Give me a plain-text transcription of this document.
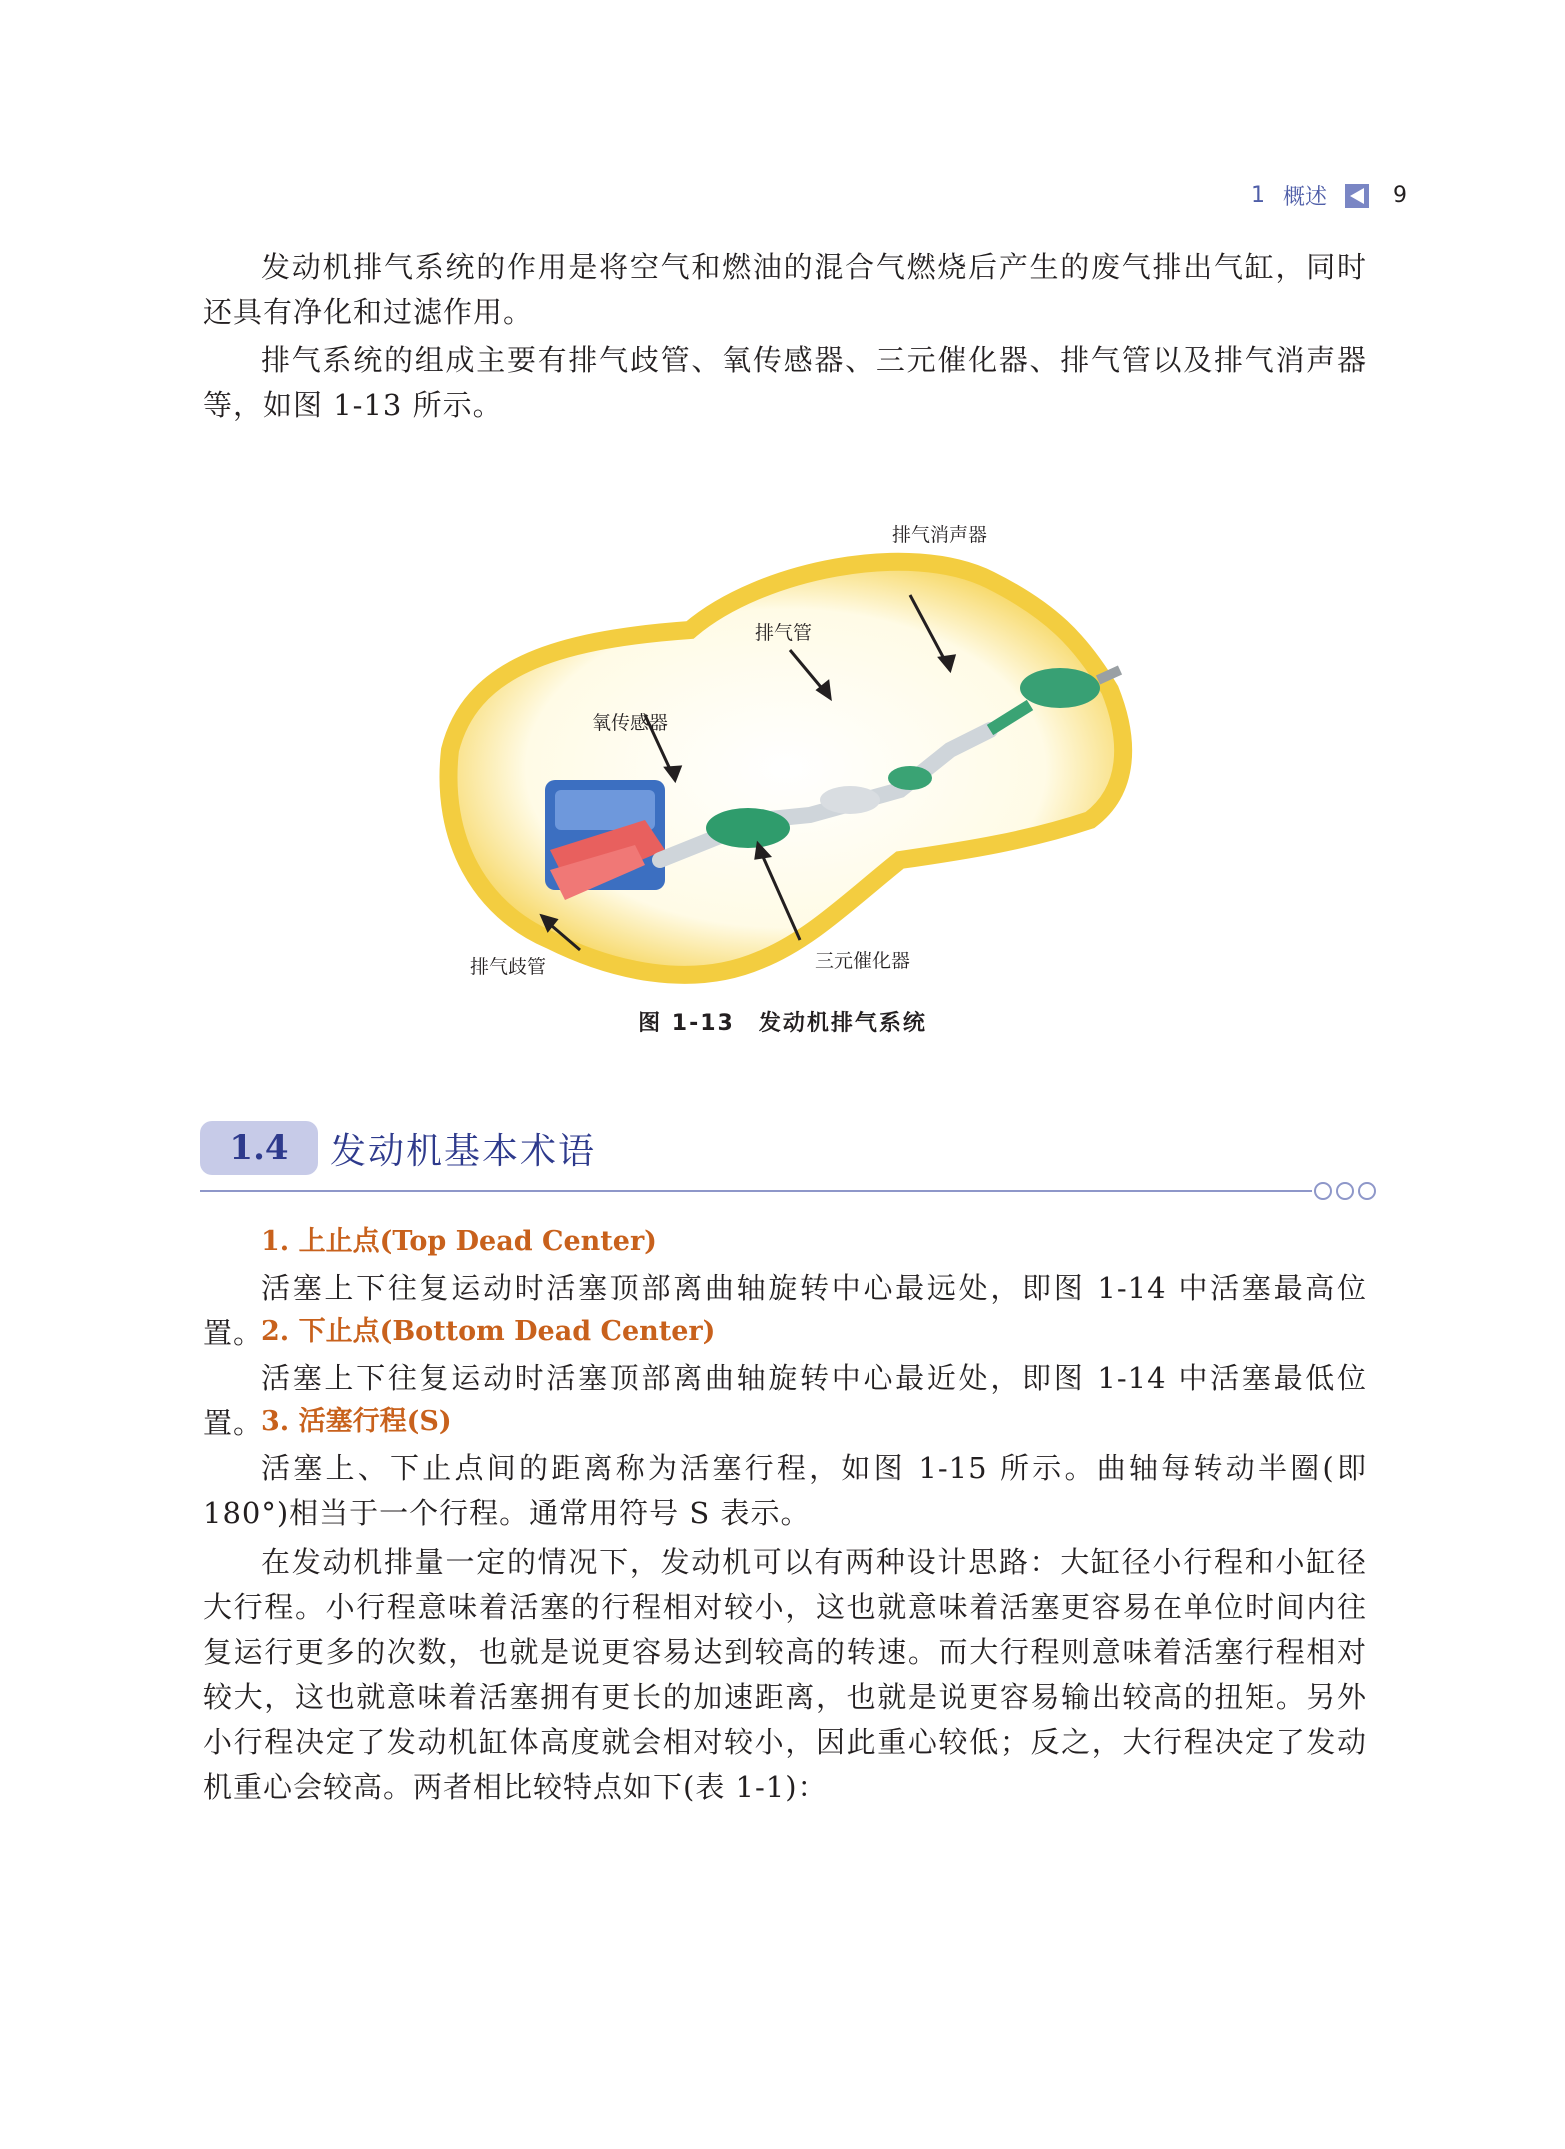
1 概述	9

发动机排气系统的作用是将空气和燃油的混合气燃烧后产生的废气排出气缸，同时还具有净化和过滤作用。

排气系统的组成主要有排气歧管、氧传感器、三元催化器、排气管以及排气消声器等，如图 1-13 所示。

排气消声器
排气管
氧传感器
三元催化器
排气歧管
图 1-13　发动机排气系统
1.4	发动机基本术语
1. 上止点(Top Dead Center)

活塞上下往复运动时活塞顶部离曲轴旋转中心最远处，即图 1-14 中活塞最高位置。

2. 下止点(Bottom Dead Center)

活塞上下往复运动时活塞顶部离曲轴旋转中心最近处，即图 1-14 中活塞最低位置。

3. 活塞行程(S)

活塞上、下止点间的距离称为活塞行程，如图 1-15 所示。曲轴每转动半圈(即 180°)相当于一个行程。通常用符号 S 表示。

在发动机排量一定的情况下，发动机可以有两种设计思路：大缸径小行程和小缸径大行程。小行程意味着活塞的行程相对较小，这也就意味着活塞更容易在单位时间内往复运行更多的次数，也就是说更容易达到较高的转速。而大行程则意味着活塞行程相对较大，这也就意味着活塞拥有更长的加速距离，也就是说更容易输出较高的扭矩。另外小行程决定了发动机缸体高度就会相对较小，因此重心较低；反之，大行程决定了发动机重心会较高。两者相比较特点如下(表 1-1)：
